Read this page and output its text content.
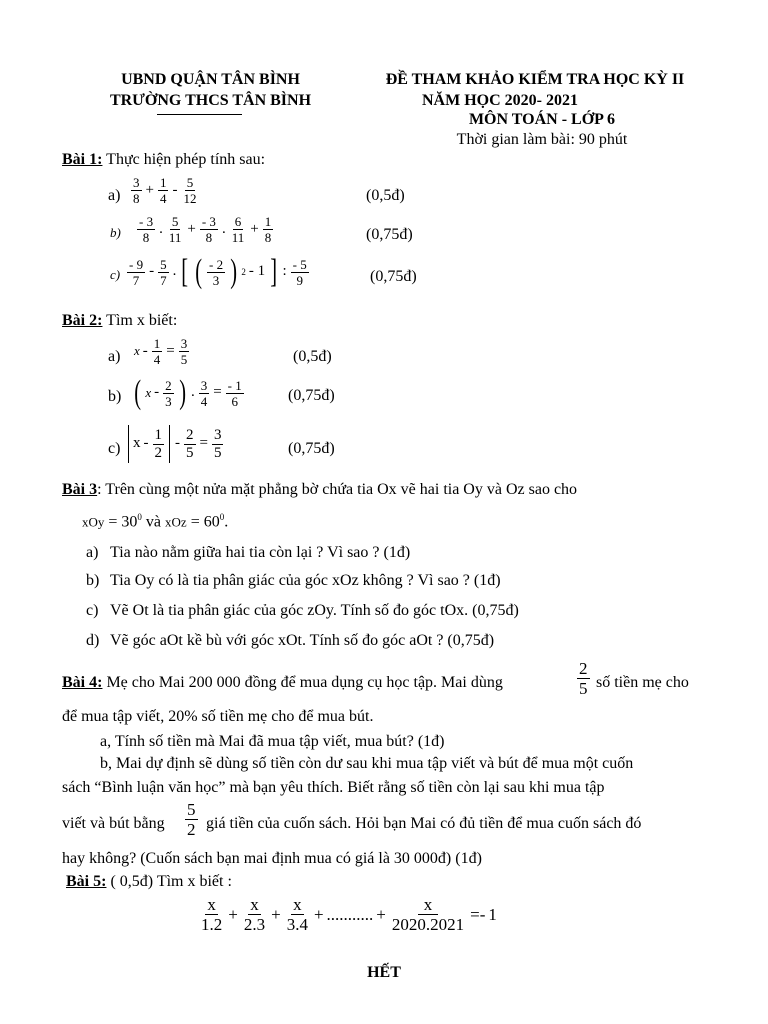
UBND QUẬN TÂN BÌNH
TRƯỜNG THCS TÂN BÌNH
ĐỀ THAM KHẢO KIỂM TRA HỌC KỲ II
NĂM HỌC 2020- 2021
MÔN TOÁN - LỚP 6
Thời gian làm bài: 90 phút
Bài 1: Thực hiện phép tính sau:
a)
3
8
+ $\frac{1}{4} - 5$
12	(0,5đ)
b)
- 3
8
. 5
11
+ $\frac{- 3}{8}$ . 6
11
+ $\frac{1}{8}$	(0,75đ)
c)
- 9
7
- 5
7
. [ ( - 2
3 ) 2 - 1 ] : - 5
9	(0,75đ)
Bài 2: Tìm x biết:
a) $x - \frac{1}{4} = \frac{3}{5}$	(0,5đ)
b) ( x - 2
3 ) . $\frac{3}{4} = \frac{- 1}{6}$	(0,75đ)
c) x -
1
2
- $\frac{2}{5} = \frac{3}{5}$	(0,75đ)
Bài 3: Trên cùng một nửa mặt phẳng bờ chứa tia Ox vẽ hai tia Oy và Oz sao cho
xOy = $30^0$ và xOz = $60^0$.
a) Tia nào nằm giữa hai tia còn lại ? Vì sao ? (1đ)
b) Tia Oy có là tia phân giác của góc xOz không ? Vì sao ? (1đ)
c) Vẽ Ot là tia phân giác của góc zOy. Tính số đo góc tOx. (0,75đ)
d) Vẽ góc aOt kề bù với góc xOt. Tính số đo góc aOt ? (0,75đ)
Bài 4: Mẹ cho Mai 200 000 đồng để mua dụng cụ học tập. Mai dùng	$\frac{2}{5}$ số tiền mẹ cho
để mua tập viết, 20% số tiền mẹ cho để mua bút.
a, Tính số tiền mà Mai đã mua tập viết, mua bút? (1đ)
b, Mai dự định sẽ dùng số tiền còn dư sau khi mua tập viết và bút để mua một cuốn
sách “Bình luận văn học” mà bạn yêu thích. Biết rằng số tiền còn lại sau khi mua tập
viết và bút bằng $\frac{5}{2}$ giá tiền của cuốn sách. Hỏi bạn Mai có đủ tiền để mua cuốn sách đó
hay không? (Cuốn sách bạn mai định mua có giá là 30 000đ) (1đ)
Bài 5: ( 0,5đ) Tìm x biết :
x
1.2
+ $\frac{x}{2.3} + \frac{x}{3.4}$ + ........... + $\frac{x}{2020.2021} =- 1$
HẾT
